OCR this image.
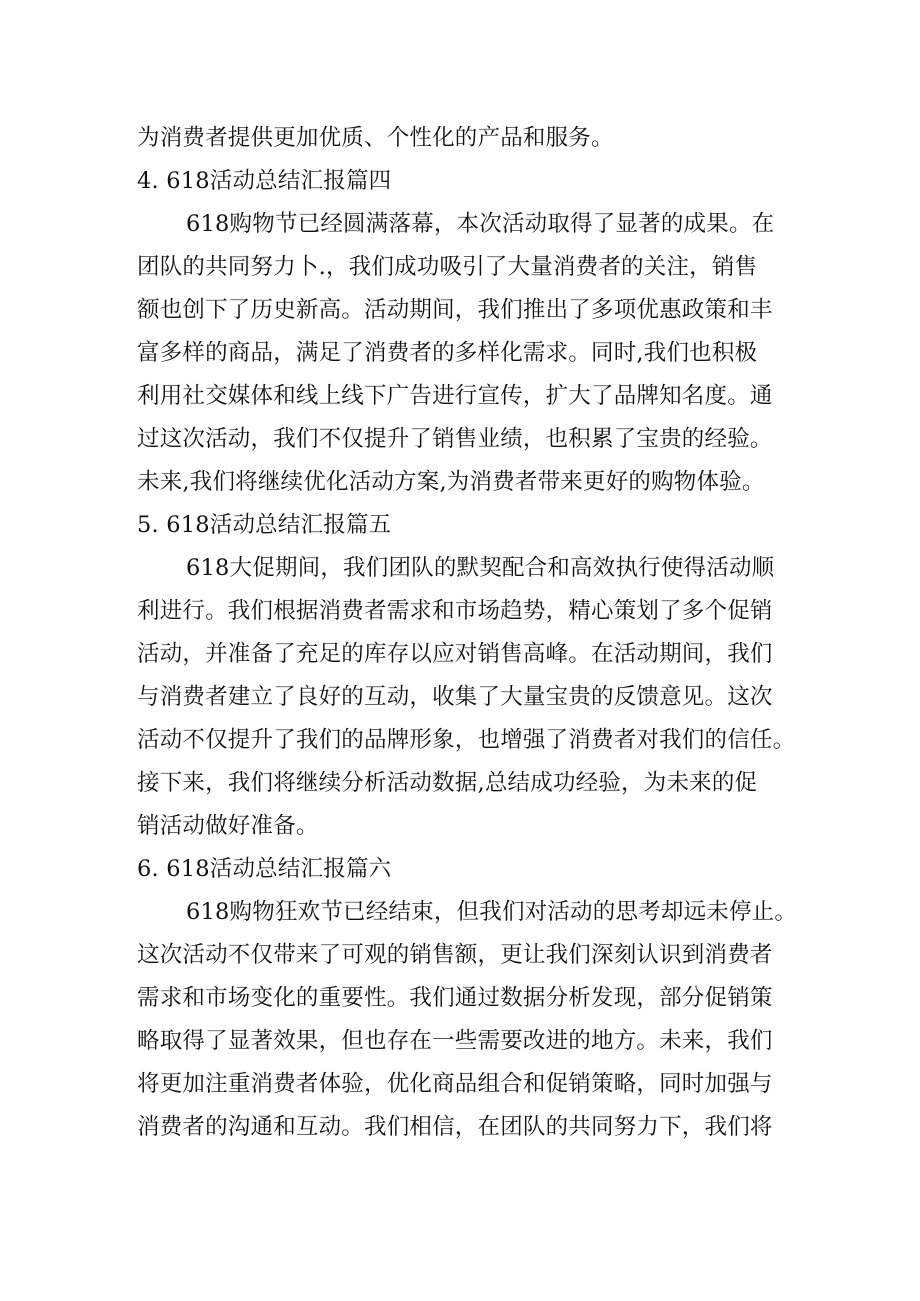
为消费者提供更加优质、个性化的产品和服务。
4. 618活动总结汇报篇四
618购物节已经圆满落幕，本次活动取得了显著的成果。在
团队的共同努力卜.，我们成功吸引了大量消费者的关注，销售
额也创下了历史新高。活动期间，我们推出了多项优惠政策和丰
富多样的商品，满足了消费者的多样化需求。同时,我们也积极
利用社交媒体和线上线下广告进行宣传，扩大了品牌知名度。通
过这次活动，我们不仅提升了销售业绩，也积累了宝贵的经验。
未来,我们将继续优化活动方案,为消费者带来更好的购物体验。
5. 618活动总结汇报篇五
618大促期间，我们团队的默契配合和高效执行使得活动顺
利进行。我们根据消费者需求和市场趋势，精心策划了多个促销
活动，并准备了充足的库存以应对销售高峰。在活动期间，我们
与消费者建立了良好的互动，收集了大量宝贵的反馈意见。这次
活动不仅提升了我们的品牌形象，也增强了消费者对我们的信任。
接下来，我们将继续分析活动数据,总结成功经验，为未来的促
销活动做好准备。
6. 618活动总结汇报篇六
618购物狂欢节已经结束，但我们对活动的思考却远未停止。
这次活动不仅带来了可观的销售额，更让我们深刻认识到消费者
需求和市场变化的重要性。我们通过数据分析发现，部分促销策
略取得了显著效果，但也存在一些需要改进的地方。未来，我们
将更加注重消费者体验，优化商品组合和促销策略，同时加强与
消费者的沟通和互动。我们相信，在团队的共同努力下，我们将
